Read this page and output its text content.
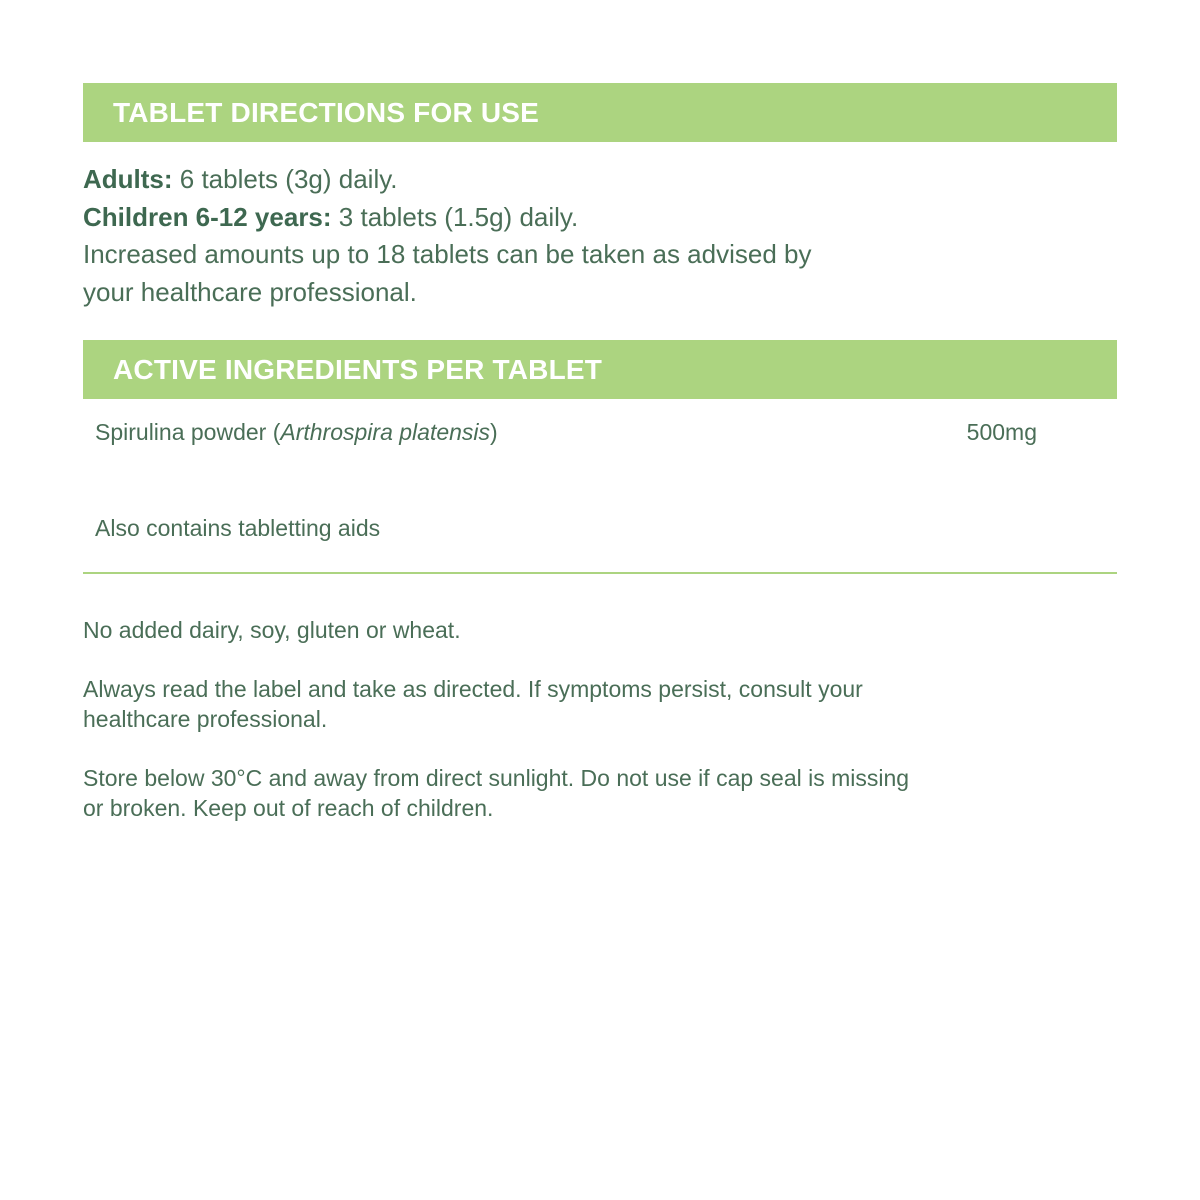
TABLET DIRECTIONS FOR USE

Adults: 6 tablets (3g) daily.

Children 6-12 years: 3 tablets (1.5g) daily.

Increased amounts up to 18 tablets can be taken as advised by

your healthcare professional.

ACTIVE INGREDIENTS PER TABLET
Spirulina powder (Arthrospira platensis)	500mg
Also contains tabletting aids

No added dairy, soy, gluten or wheat.

Always read the label and take as directed. If symptoms persist, consult your
healthcare professional.

Store below 30°C and away from direct sunlight. Do not use if cap seal is missing
or broken. Keep out of reach of children.
